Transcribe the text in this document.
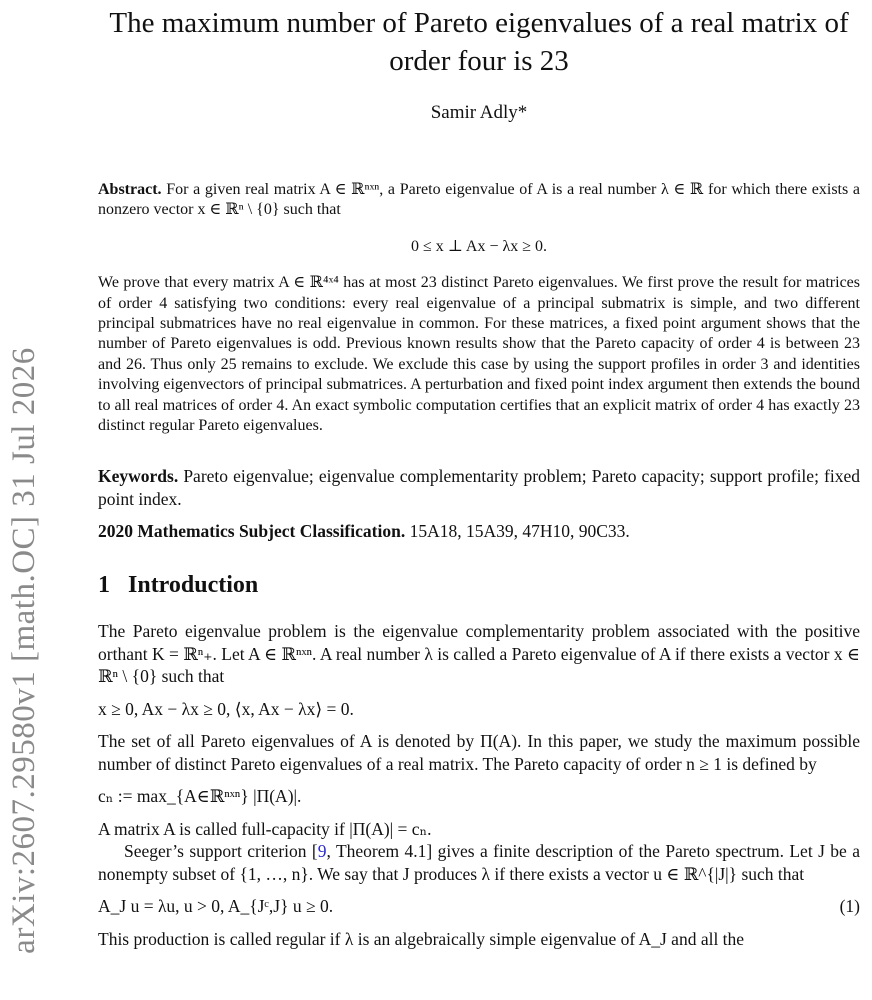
arXiv:2607.29580v1 [math.OC] 31 Jul 2026
The maximum number of Pareto eigenvalues of a real matrix of order four is 23
Samir Adly*

Abstract. For a given real matrix A ∈ ℝⁿˣⁿ, a Pareto eigenvalue of A is a real number λ ∈ ℝ for which there exists a nonzero vector x ∈ ℝⁿ \ {0} such that

0 ≤ x ⊥ Ax − λx ≥ 0.

We prove that every matrix A ∈ ℝ⁴ˣ⁴ has at most 23 distinct Pareto eigenvalues. We first prove the result for matrices of order 4 satisfying two conditions: every real eigenvalue of a principal submatrix is simple, and two different principal submatrices have no real eigenvalue in common. For these matrices, a fixed point argument shows that the number of Pareto eigenvalues is odd. Previous known results show that the Pareto capacity of order 4 is between 23 and 26. Thus only 25 remains to exclude. We exclude this case by using the support profiles in order 3 and identities involving eigenvectors of principal submatrices. A perturbation and fixed point index argument then extends the bound to all real matrices of order 4. An exact symbolic computation certifies that an explicit matrix of order 4 has exactly 23 distinct regular Pareto eigenvalues.

Keywords. Pareto eigenvalue; eigenvalue complementarity problem; Pareto capacity; support profile; fixed point index.

2020 Mathematics Subject Classification. 15A18, 15A39, 47H10, 90C33.

1 Introduction

The Pareto eigenvalue problem is the eigenvalue complementarity problem associated with the positive orthant K = ℝⁿ₊. Let A ∈ ℝⁿˣⁿ. A real number λ is called a Pareto eigenvalue of A if there exists a vector x ∈ ℝⁿ \ {0} such that

x ≥ 0, Ax − λx ≥ 0, ⟨x, Ax − λx⟩ = 0.

The set of all Pareto eigenvalues of A is denoted by Π(A). In this paper, we study the maximum possible number of distinct Pareto eigenvalues of a real matrix. The Pareto capacity of order n ≥ 1 is defined by

cₙ := max_{A∈ℝⁿˣⁿ} |Π(A)|.

A matrix A is called full-capacity if |Π(A)| = cₙ.

Seeger’s support criterion [9, Theorem 4.1] gives a finite description of the Pareto spectrum. Let J be a nonempty subset of {1, …, n}. We say that J produces λ if there exists a vector u ∈ ℝ^{|J|} such that

A_J u = λu, u > 0, A_{Jᶜ,J} u ≥ 0.	(1)

This production is called regular if λ is an algebraically simple eigenvalue of A_J and all the
